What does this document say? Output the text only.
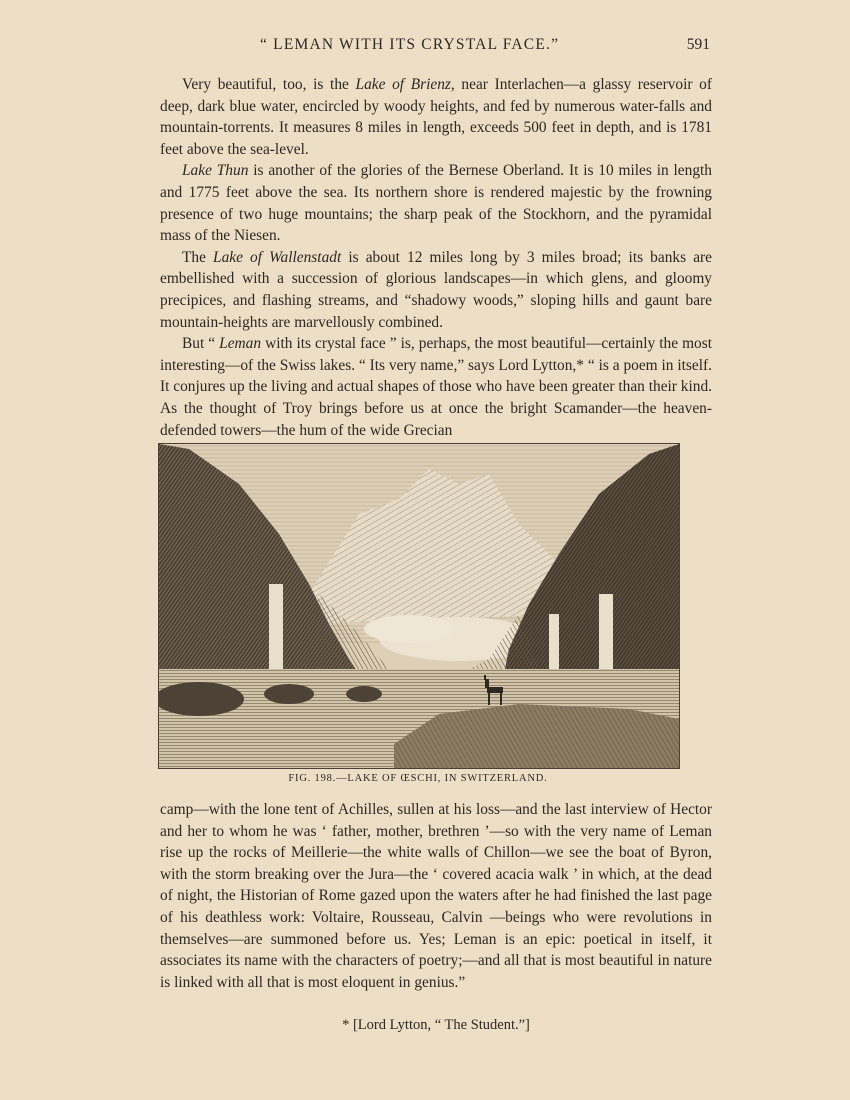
“ LEMAN WITH ITS CRYSTAL FACE.”	591

Very beautiful, too, is the Lake of Brienz, near Interlachen—a glassy reservoir of deep, dark blue water, encircled by woody heights, and fed by numerous water-falls and mountain-torrents. It measures 8 miles in length, exceeds 500 feet in depth, and is 1781 feet above the sea-level.

Lake Thun is another of the glories of the Bernese Oberland. It is 10 miles in length and 1775 feet above the sea. Its northern shore is rendered majestic by the frowning presence of two huge mountains; the sharp peak of the Stockhorn, and the pyramidal mass of the Niesen.

The Lake of Wallenstadt is about 12 miles long by 3 miles broad; its banks are embellished with a succession of glorious landscapes—in which glens, and gloomy precipices, and flashing streams, and “shadowy woods,” sloping hills and gaunt bare mountain-heights are marvellously combined.

But “ Leman with its crystal face ” is, perhaps, the most beautiful—certainly the most interesting—of the Swiss lakes. “ Its very name,” says Lord Lytton,* “ is a poem in itself. It conjures up the living and actual shapes of those who have been greater than their kind. As the thought of Troy brings before us at once the bright Scamander—the heaven-defended towers—the hum of the wide Grecian

FIG. 198.—LAKE OF ŒSCHI, IN SWITZERLAND.

camp—with the lone tent of Achilles, sullen at his loss—and the last interview of Hector and her to whom he was ‘ father, mother, brethren ’—so with the very name of Leman rise up the rocks of Meillerie—the white walls of Chillon—we see the boat of Byron, with the storm breaking over the Jura—the ‘ covered acacia walk ’ in which, at the dead of night, the Historian of Rome gazed upon the waters after he had finished the last page of his deathless work: Voltaire, Rousseau, Calvin —beings who were revolutions in themselves—are summoned before us. Yes; Leman is an epic: poetical in itself, it associates its name with the characters of poetry;—and all that is most beautiful in nature is linked with all that is most eloquent in genius.”

* [Lord Lytton, “ The Student.”]
